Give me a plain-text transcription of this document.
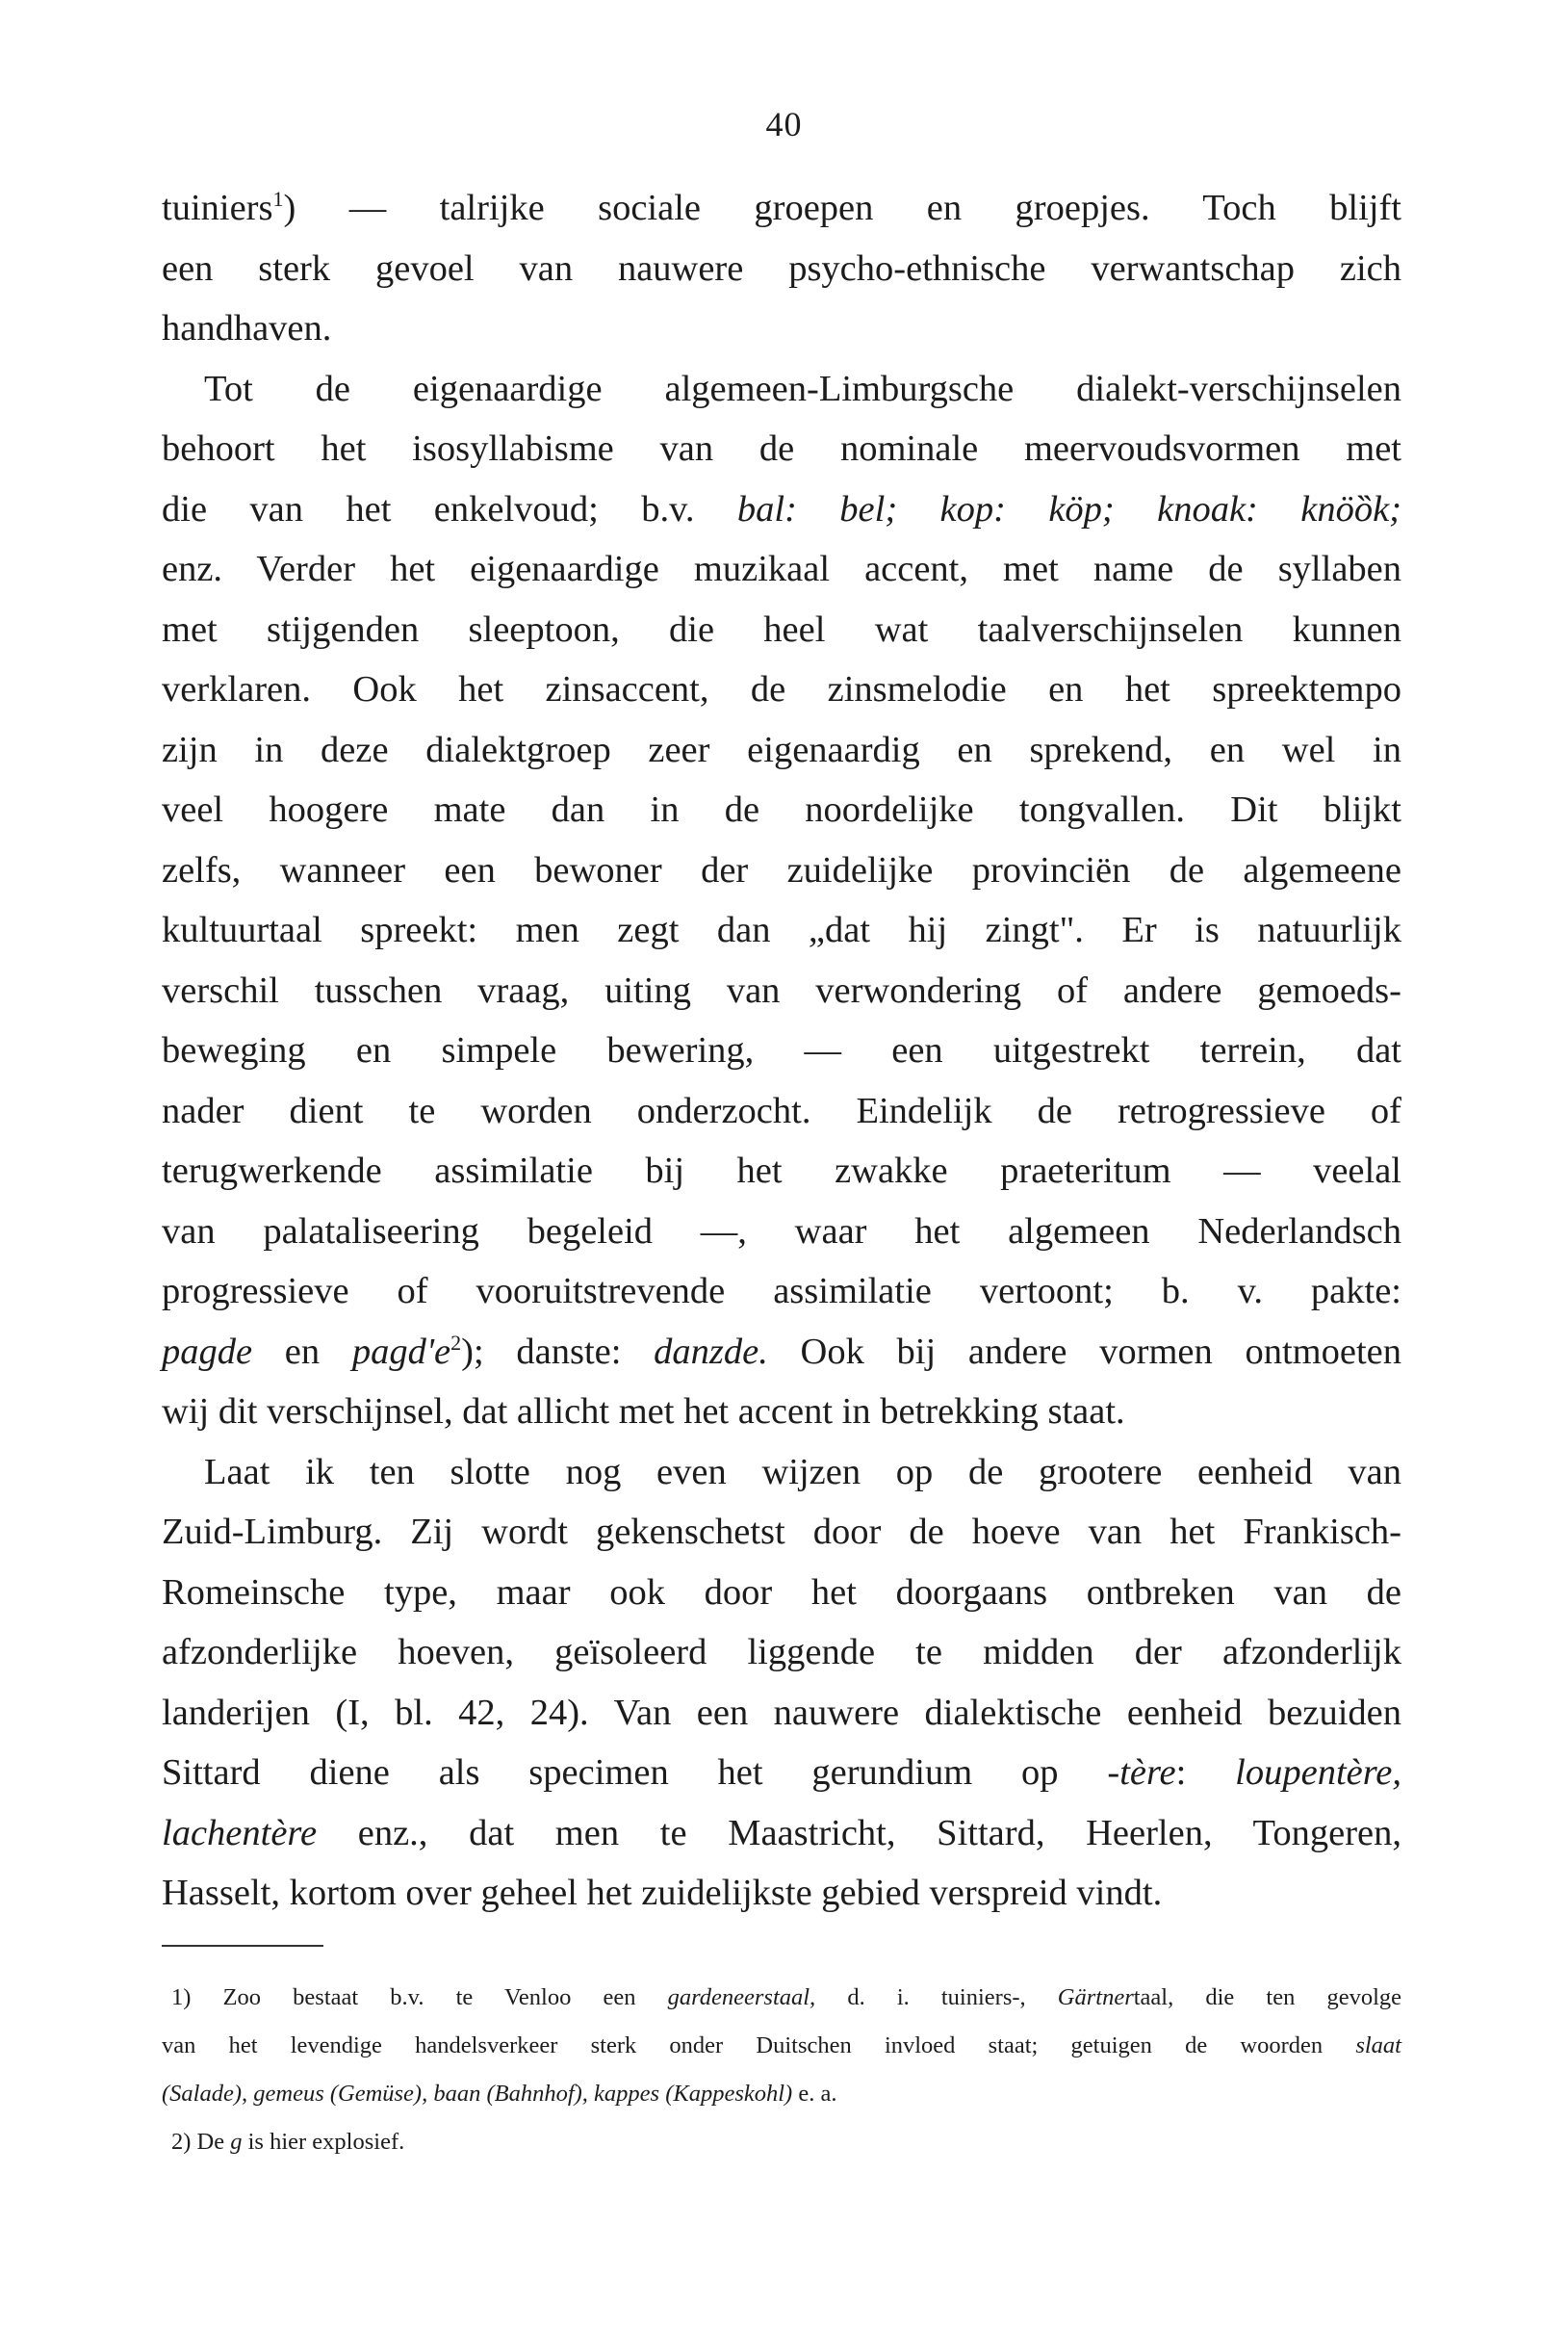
40
tuiniers$^1$) — talrijke sociale groepen en groepjes. Toch blijft
een sterk gevoel van nauwere psycho-ethnische verwantschap zich
handhaven.
Tot de eigenaardige algemeen-Limburgsche dialekt-verschijnselen
behoort het isosyllabisme van de nominale meervoudsvormen met
die van het enkelvoud; b.v. bal: bel; kop: köp; knoak: knöȍk;
enz. Verder het eigenaardige muzikaal accent, met name de syllaben
met stijgenden sleeptoon, die heel wat taalverschijnselen kunnen
verklaren. Ook het zinsaccent, de zinsmelodie en het spreektempo
zijn in deze dialektgroep zeer eigenaardig en sprekend, en wel in
veel hoogere mate dan in de noordelijke tongvallen. Dit blijkt
zelfs, wanneer een bewoner der zuidelijke provinciën de algemeene
kultuurtaal spreekt: men zegt dan „dat hij zingt". Er is natuurlijk
verschil tusschen vraag, uiting van verwondering of andere gemoeds-
beweging en simpele bewering, — een uitgestrekt terrein, dat
nader dient te worden onderzocht. Eindelijk de retrogressieve of
terugwerkende assimilatie bij het zwakke praeteritum — veelal
van palataliseering begeleid —, waar het algemeen Nederlandsch
progressieve of vooruitstrevende assimilatie vertoont; b. v. pakte:
pagde en $pagd'e^2$); danste: danzde. Ook bij andere vormen ontmoeten
wij dit verschijnsel, dat allicht met het accent in betrekking staat.
Laat ik ten slotte nog even wijzen op de grootere eenheid van
Zuid-Limburg. Zij wordt gekenschetst door de hoeve van het Frankisch-
Romeinsche type, maar ook door het doorgaans ontbreken van de
afzonderlijke hoeven, geïsoleerd liggende te midden der afzonderlijk
landerijen (I, bl. 42, 24). Van een nauwere dialektische eenheid bezuiden
Sittard diene als specimen het gerundium op -tère: loupentère,
lachentère enz., dat men te Maastricht, Sittard, Heerlen, Tongeren,
Hasselt, kortom over geheel het zuidelijkste gebied verspreid vindt.
1) Zoo bestaat b.v. te Venloo een gardeneerstaal, d. i. tuiniers-, Gärtnertaal, die ten gevolge
van het levendige handelsverkeer sterk onder Duitschen invloed staat; getuigen de woorden slaat
(Salade), gemeus (Gemüse), baan (Bahnhof), kappes (Kappeskohl) e. a.
2) De g is hier explosief.
